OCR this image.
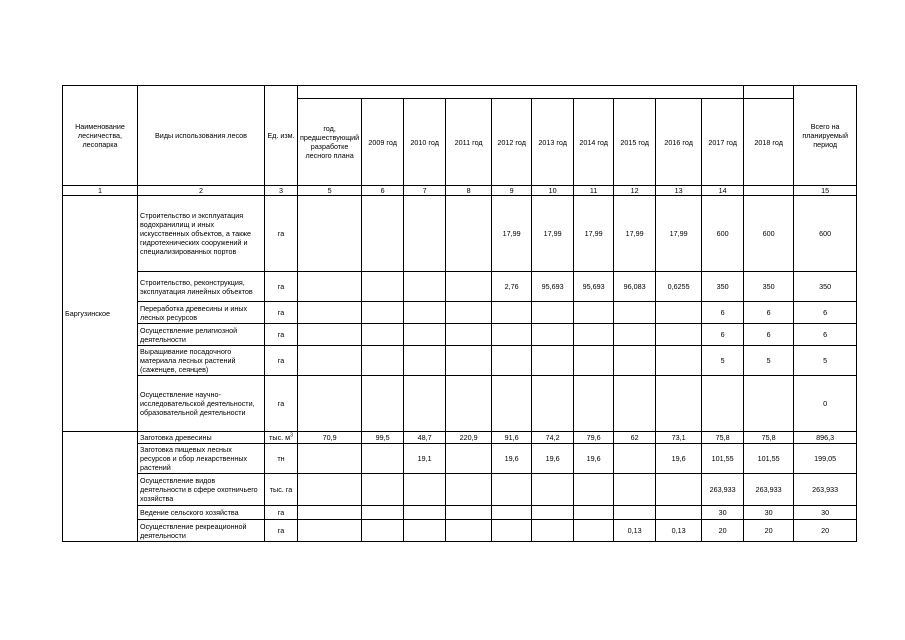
Наименование лесничества, лесопарка	Виды использования лесов	Ед. изм.												Всего на планируемый период
			год, предшествующий разработке лесного плана	2009 год	2010 год	2011 год	2012 год	2013 год	2014 год	2015 год	2016 год	2017 год	2018 год	
1	2	3	5	6	7	8	9	10	11	12	13	14		15
Баргузинское	Строительство и эксплуатация водохранилищ и иных искусственных объектов, а также гидротехнических сооружений и специализированных портов	га					17,99	17,99	17,99	17,99	17,99	600	600	600
	Строительство, реконструкция, эксплуатация линейных объектов	га					2,76	95,693	95,693	96,083	0,6255	350	350	350
	Переработка древесины и иных лесных ресурсов	га										6	6	6
	Осуществление религиозной деятельности	га										6	6	6
	Выращивание посадочного материала лесных растений (саженцев, сеянцев)	га										5	5	5
	Осуществление научно-исследовательской деятельности, образовательной деятельности	га												0
	Заготовка древесины	тыс. $м^3$	70,9	99,5	48,7	220,9	91,6	74,2	79,6	62	73,1	75,8	75,8	896,3
	Заготовка пищевых лесных ресурсов и сбор лекарственных растений	тн			19,1		19,6	19,6	19,6		19,6	101,55	101,55	199,05
	Осуществление видов деятельности в сфере охотничьего хозяйства	тыс. га										263,933	263,933	263,933
	Ведение сельского хозяйства	га										30	30	30
	Осуществление рекреационной деятельности	га								0,13	0,13	20	20	20
